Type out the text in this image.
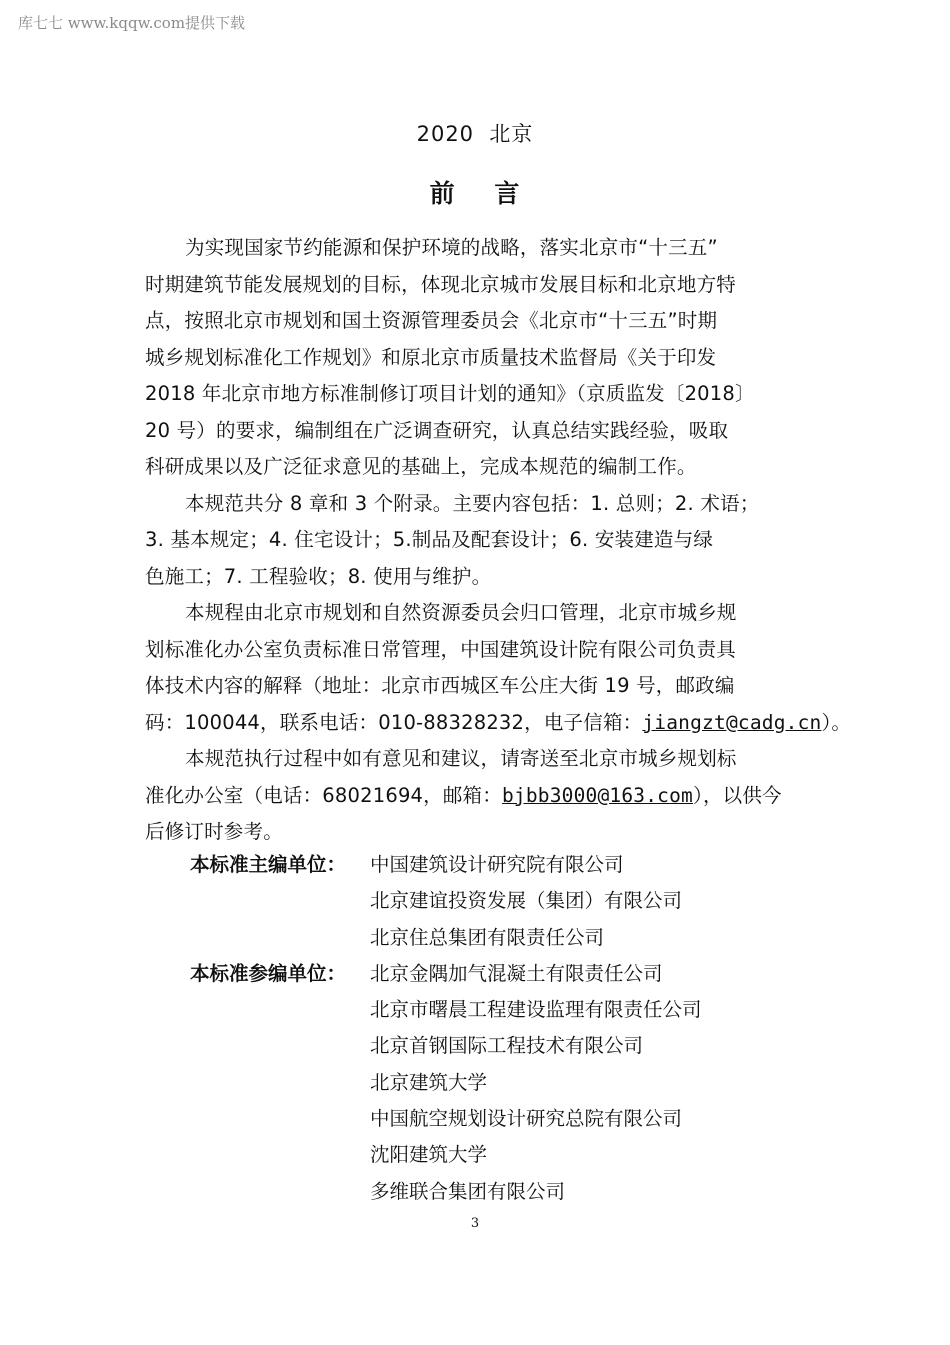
库七七 www.kqqw.com提供下载
2020  北京
前    言
为实现国家节约能源和保护环境的战略，落实北京市“十三五”
时期建筑节能发展规划的目标，体现北京城市发展目标和北京地方特
点，按照北京市规划和国土资源管理委员会《北京市“十三五”时期
城乡规划标准化工作规划》和原北京市质量技术监督局《关于印发
2018 年北京市地方标准制修订项目计划的通知》（京质监发〔2018〕
20 号）的要求，编制组在广泛调查研究，认真总结实践经验，吸取
科研成果以及广泛征求意见的基础上，完成本规范的编制工作。
本规范共分 8 章和 3 个附录。主要内容包括：1. 总则；2. 术语；
3. 基本规定；4. 住宅设计；5.制品及配套设计；6. 安装建造与绿
色施工；7. 工程验收；8. 使用与维护。
本规程由北京市规划和自然资源委员会归口管理，北京市城乡规
划标准化办公室负责标准日常管理，中国建筑设计院有限公司负责具
体技术内容的解释（地址：北京市西城区车公庄大街 19 号，邮政编
码：100044，联系电话：010-88328232，电子信箱：jiangzt@cadg.cn）。
本规范执行过程中如有意见和建议，请寄送至北京市城乡规划标
准化办公室（电话：68021694，邮箱：bjbb3000@163.com），以供今
后修订时参考。
本标准主编单位：	中国建筑设计研究院有限公司
北京建谊投资发展（集团）有限公司
北京住总集团有限责任公司
本标准参编单位：	北京金隅加气混凝土有限责任公司
北京市曙晨工程建设监理有限责任公司
北京首钢国际工程技术有限公司
北京建筑大学
中国航空规划设计研究总院有限公司
沈阳建筑大学
多维联合集团有限公司
3
